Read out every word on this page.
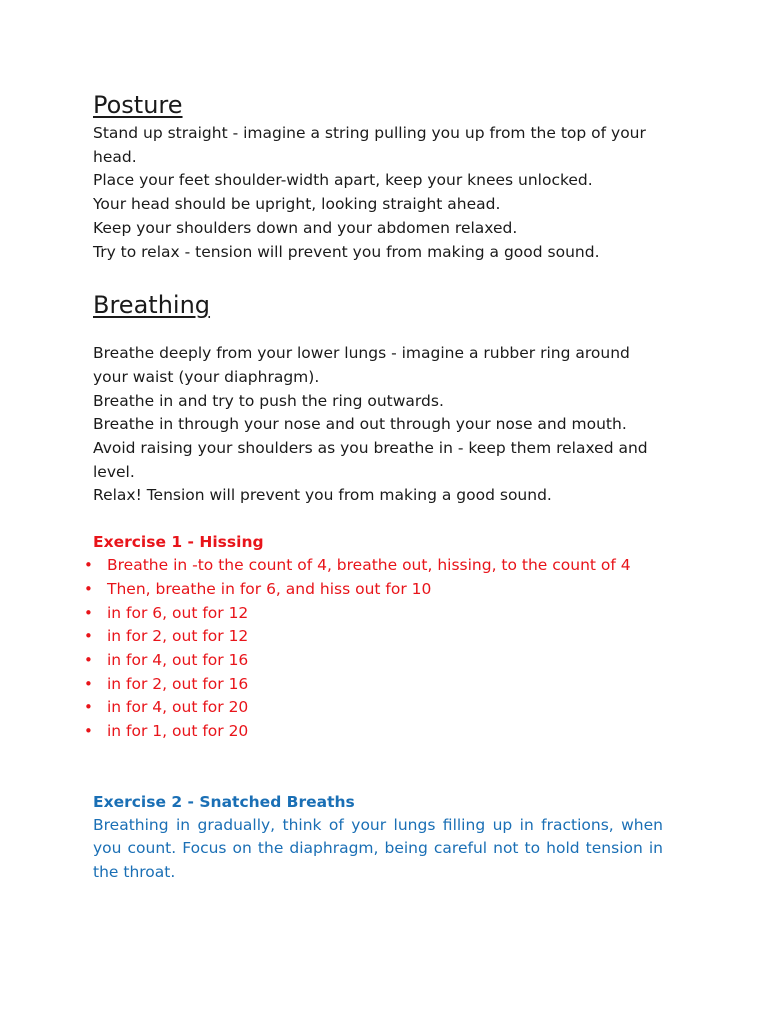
Posture

Stand up straight - imagine a string pulling you up from the top of your head.

Place your feet shoulder-width apart, keep your knees unlocked.

Your head should be upright, looking straight ahead.

Keep your shoulders down and your abdomen relaxed.

Try to relax - tension will prevent you from making a good sound.

Breathing

Breathe deeply from your lower lungs - imagine a rubber ring around your waist (your diaphragm).

Breathe in and try to push the ring outwards.

Breathe in through your nose and out through your nose and mouth.

Avoid raising your shoulders as you breathe in - keep them relaxed and level.

Relax! Tension will prevent you from making a good sound.

Exercise 1 - Hissing
• Breathe in -to the count of 4, breathe out, hissing, to the count of 4
• Then, breathe in for 6, and hiss out for 10
• in for 6, out for 12
• in for 2, out for 12
• in for 4, out for 16
• in for 2, out for 16
• in for 4, out for 20
• in for 1, out for 20
Exercise 2 - Snatched Breaths

Breathing in gradually, think of your lungs filling up in fractions, when you count. Focus on the diaphragm, being careful not to hold tension in the throat.
